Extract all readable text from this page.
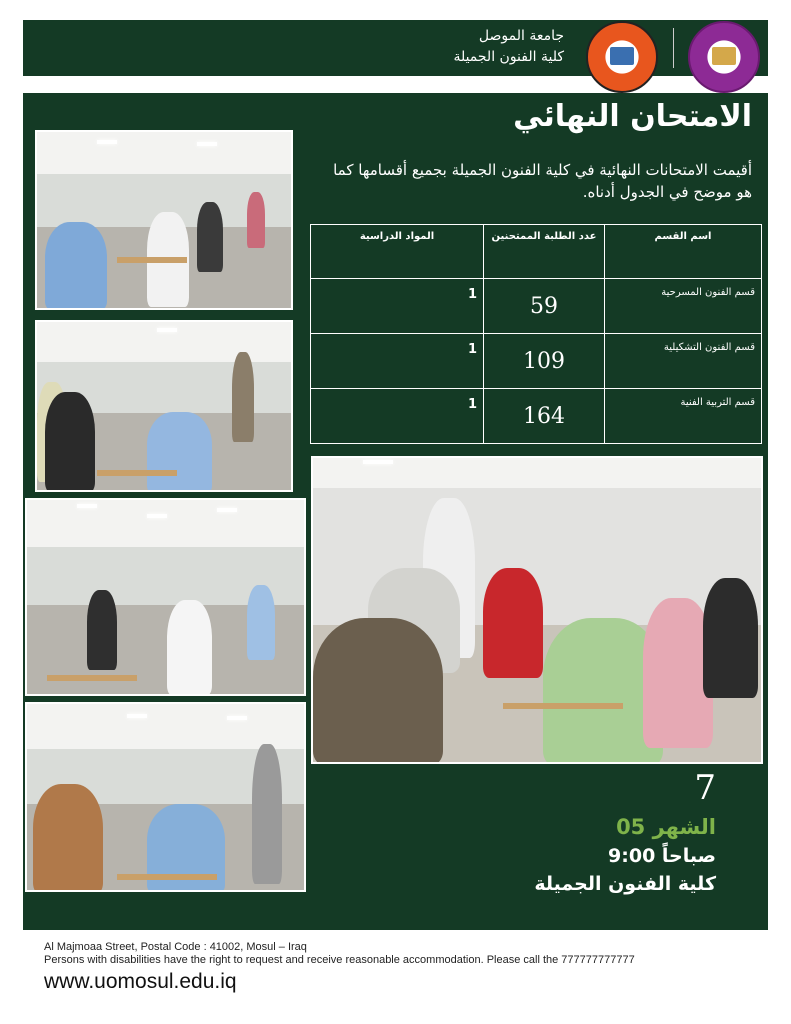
جامعة الموصل
كلية الفنون الجميلة
الامتحان النهائي
أقيمت الامتحانات النهائية في كلية الفنون الجميلة بجميع أقسامها كما هو موضح في الجدول أدناه.
اسم القسم	عدد الطلبة الممتحنين	المواد الدراسية
قسم الفنون المسرحية	59	1
قسم الفنون التشكيلية	109	1
قسم التربية الفنية	164	1
7
الشهر 05
9:00 صباحاً
كلية الفنون الجميلة
Al Majmoaa Street, Postal Code : 41002, Mosul – Iraq
Persons with disabilities have the right to request and receive reasonable accommodation. Please call the 777777777777
www.uomosul.edu.iq
